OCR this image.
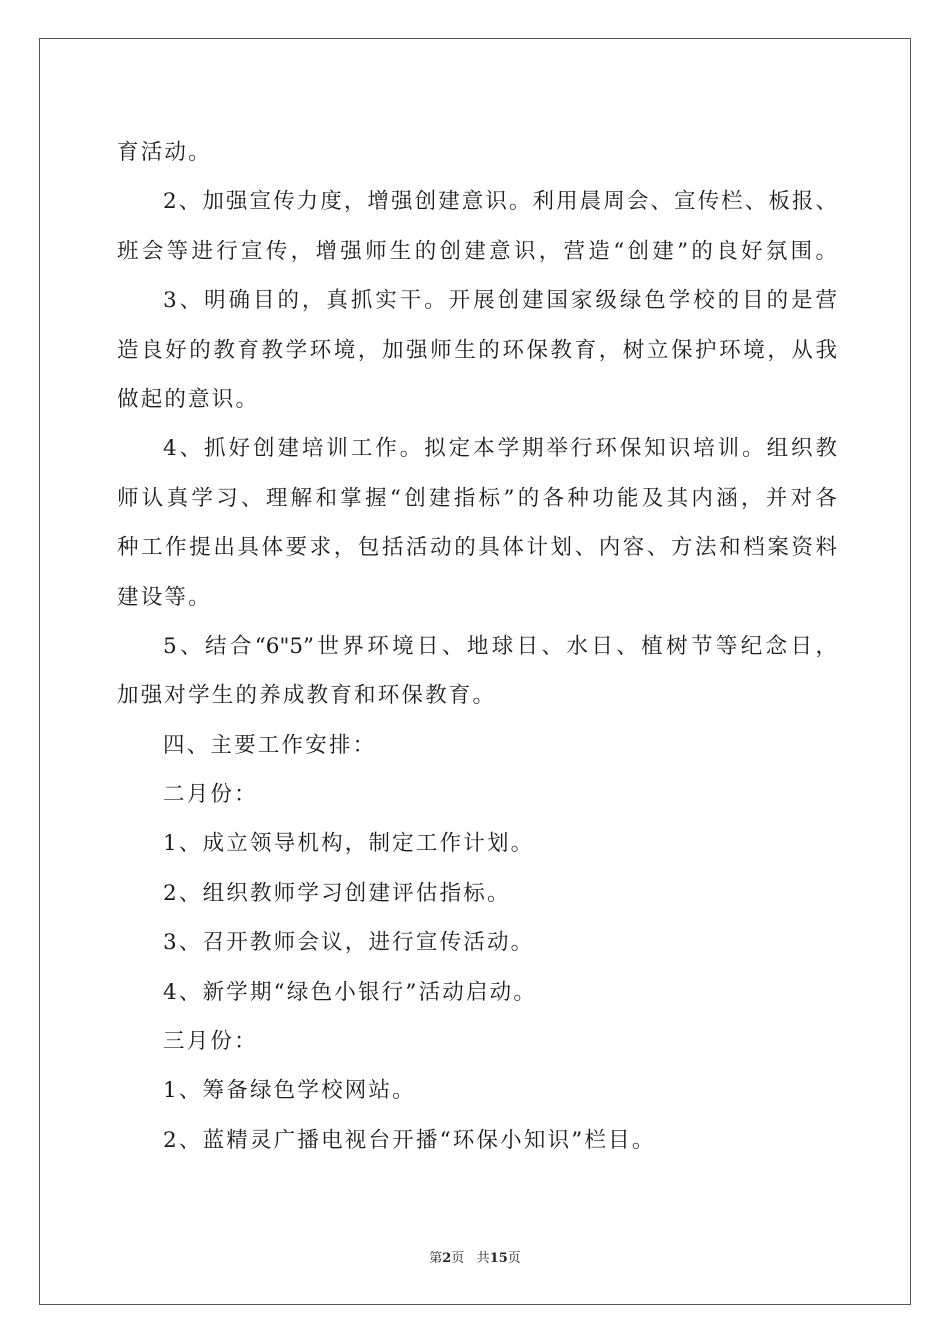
育活动。
2、加强宣传力度，增强创建意识。利用晨周会、宣传栏、板报、
班会等进行宣传，增强师生的创建意识，营造“创建”的良好氛围。
3、明确目的，真抓实干。开展创建国家级绿色学校的目的是营
造良好的教育教学环境，加强师生的环保教育，树立保护环境，从我
做起的意识。
4、抓好创建培训工作。拟定本学期举行环保知识培训。组织教
师认真学习、理解和掌握“创建指标”的各种功能及其内涵，并对各
种工作提出具体要求，包括活动的具体计划、内容、方法和档案资料
建设等。
5、结合“6"5”世界环境日、地球日、水日、植树节等纪念日，
加强对学生的养成教育和环保教育。
四、主要工作安排：
二月份：
1、成立领导机构，制定工作计划。
2、组织教师学习创建评估指标。
3、召开教师会议，进行宣传活动。
4、新学期“绿色小银行”活动启动。
三月份：
1、筹备绿色学校网站。
2、蓝精灵广播电视台开播“环保小知识”栏目。
第2页 共15页
